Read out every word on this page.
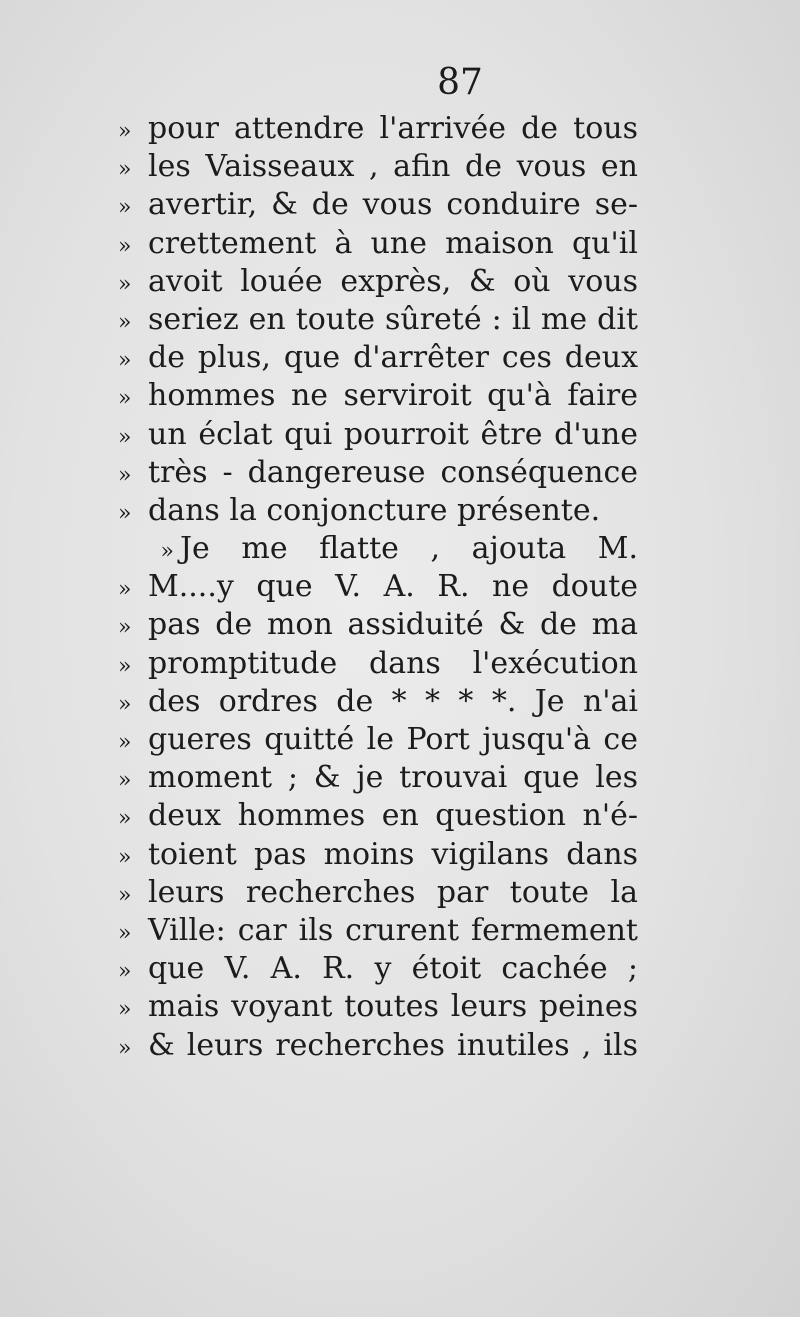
87
» pour attendre l'arrivée de tous
» les Vaisseaux , afin de vous en
» avertir, & de vous conduire se-
» crettement à une maison qu'il
» avoit louée exprès, & où vous
» seriez en toute sûreté : il me dit
» de plus, que d'arrêter ces deux
» hommes ne serviroit qu'à faire
» un éclat qui pourroit être d'une
» très - dangereuse conséquence
» dans la conjoncture présente.
» Je me flatte , ajouta M.
» M....y que V. A. R. ne doute
» pas de mon assiduité & de ma
» promptitude dans l'exécution
» des ordres de * * * *. Je n'ai
» gueres quitté le Port jusqu'à ce
» moment ; & je trouvai que les
» deux hommes en question n'é-
» toient pas moins vigilans dans
» leurs recherches par toute la
» Ville: car ils crurent fermement
» que V. A. R. y étoit cachée ;
» mais voyant toutes leurs peines
» & leurs recherches inutiles , ils
